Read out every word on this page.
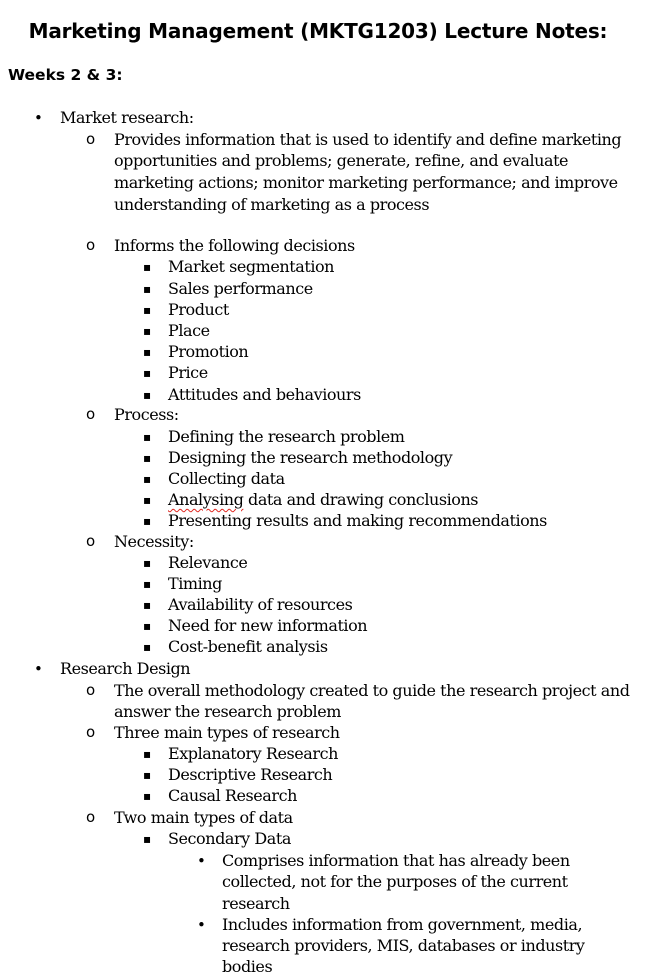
Marketing Management (MKTG1203) Lecture Notes:
Weeks 2 & 3:
• Market research:
o Provides information that is used to identify and define marketing
opportunities and problems; generate, refine, and evaluate
marketing actions; monitor marketing performance; and improve
understanding of marketing as a process
o Informs the following decisions
▪ Market segmentation
▪ Sales performance
▪ Product
▪ Place
▪ Promotion
▪ Price
▪ Attitudes and behaviours
o Process:
▪ Defining the research problem
▪ Designing the research methodology
▪ Collecting data
▪ Analysing data and drawing conclusions
▪ Presenting results and making recommendations
o Necessity:
▪ Relevance
▪ Timing
▪ Availability of resources
▪ Need for new information
▪ Cost-benefit analysis
• Research Design
o The overall methodology created to guide the research project and
answer the research problem
o Three main types of research
▪ Explanatory Research
▪ Descriptive Research
▪ Causal Research
o Two main types of data
▪ Secondary Data
• Comprises information that has already been
collected, not for the purposes of the current
research
• Includes information from government, media,
research providers, MIS, databases or industry
bodies
